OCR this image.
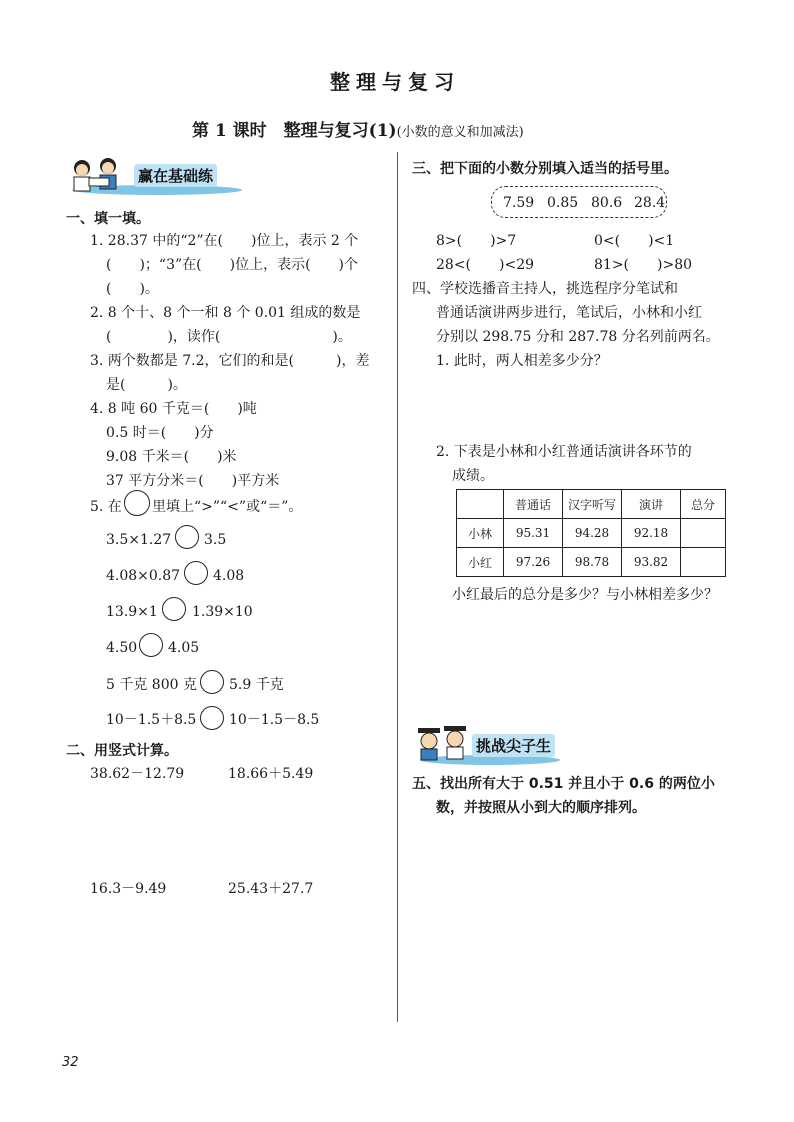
整理与复习
第 1 课时　整理与复习(1)(小数的意义和加减法)
赢在基础练
一、填一填。
1. 28.37 中的“2”在(　　)位上，表示 2 个
(　　)；“3”在(　　)位上，表示(　　)个
(　　)。
2. 8 个十、8 个一和 8 个 0.01 组成的数是
(　　　　)，读作(　　　　　　　　)。
3. 两个数都是 7.2，它们的和是(　　　)，差
是(　　　)。
4. 8 吨 60 千克＝(　　)吨
0.5 时＝(　　)分
9.08 千米＝(　　)米
37 平方分米＝(　　)平方米
5. 在 里填上“>”“<”或“＝”。
3.5×1.27 3.5
4.08×0.87 4.08
13.9×1 1.39×10
4.50 4.05
5 千克 800 克 5.9 千克
10－1.5＋8.5 10－1.5－8.5
二、用竖式计算。
38.62－12.79	18.66＋5.49
16.3－9.49	25.43＋27.7
三、把下面的小数分别填入适当的括号里。
7.59 0.85 80.6 28.4
8>(　　)>7	0<(　　)<1
28<(　　)<29	81>(　　)>80
四、学校选播音主持人，挑选程序分笔试和
普通话演讲两步进行，笔试后，小林和小红
分别以 298.75 分和 287.78 分名列前两名。
1. 此时，两人相差多少分？
2. 下表是小林和小红普通话演讲各环节的
成绩。
	普通话	汉字听写	演讲	总分
小林	95.31	94.28	92.18	
小红	97.26	98.78	93.82	
小红最后的总分是多少？与小林相差多少？
挑战尖子生
五、找出所有大于 0.51 并且小于 0.6 的两位小
数，并按照从小到大的顺序排列。
32
